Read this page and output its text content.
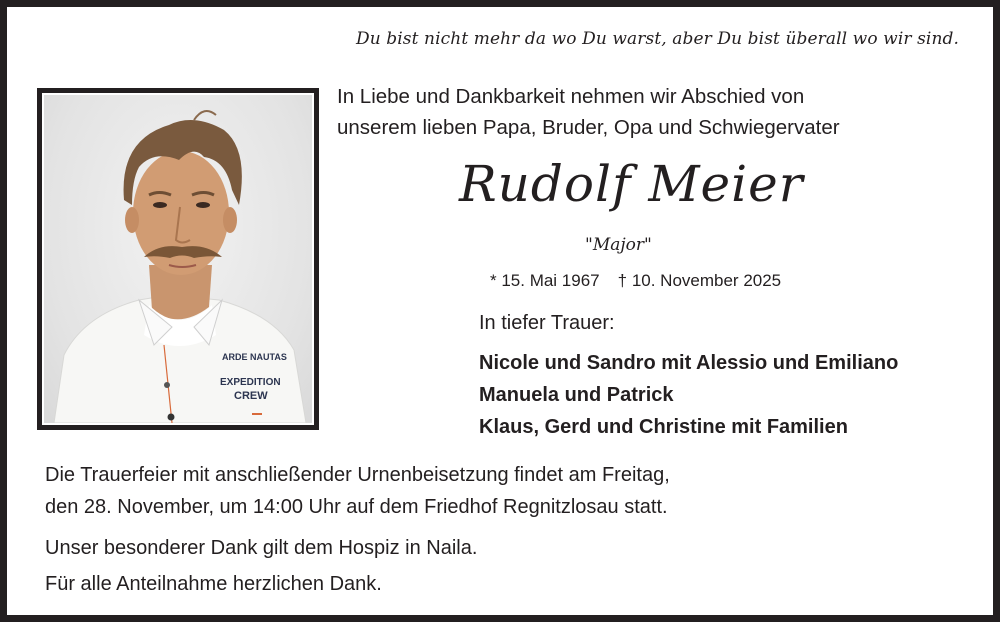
Du bist nicht mehr da wo Du warst, aber Du bist überall wo wir sind.
ARDE NAUTAS
EXPEDITION
CREW
In Liebe und Dankbarkeit nehmen wir Abschied von
unserem lieben Papa, Bruder, Opa und Schwiegervater
Rudolf Meier
"Major"
* 15. Mai 1967 † 10. November 2025
In tiefer Trauer:
Nicole und Sandro mit Alessio und Emiliano
Manuela und Patrick
Klaus, Gerd und Christine mit Familien
Die Trauerfeier mit anschließender Urnenbeisetzung findet am Freitag,
den 28. November, um 14:00 Uhr auf dem Friedhof Regnitzlosau statt.
Unser besonderer Dank gilt dem Hospiz in Naila.
Für alle Anteilnahme herzlichen Dank.
